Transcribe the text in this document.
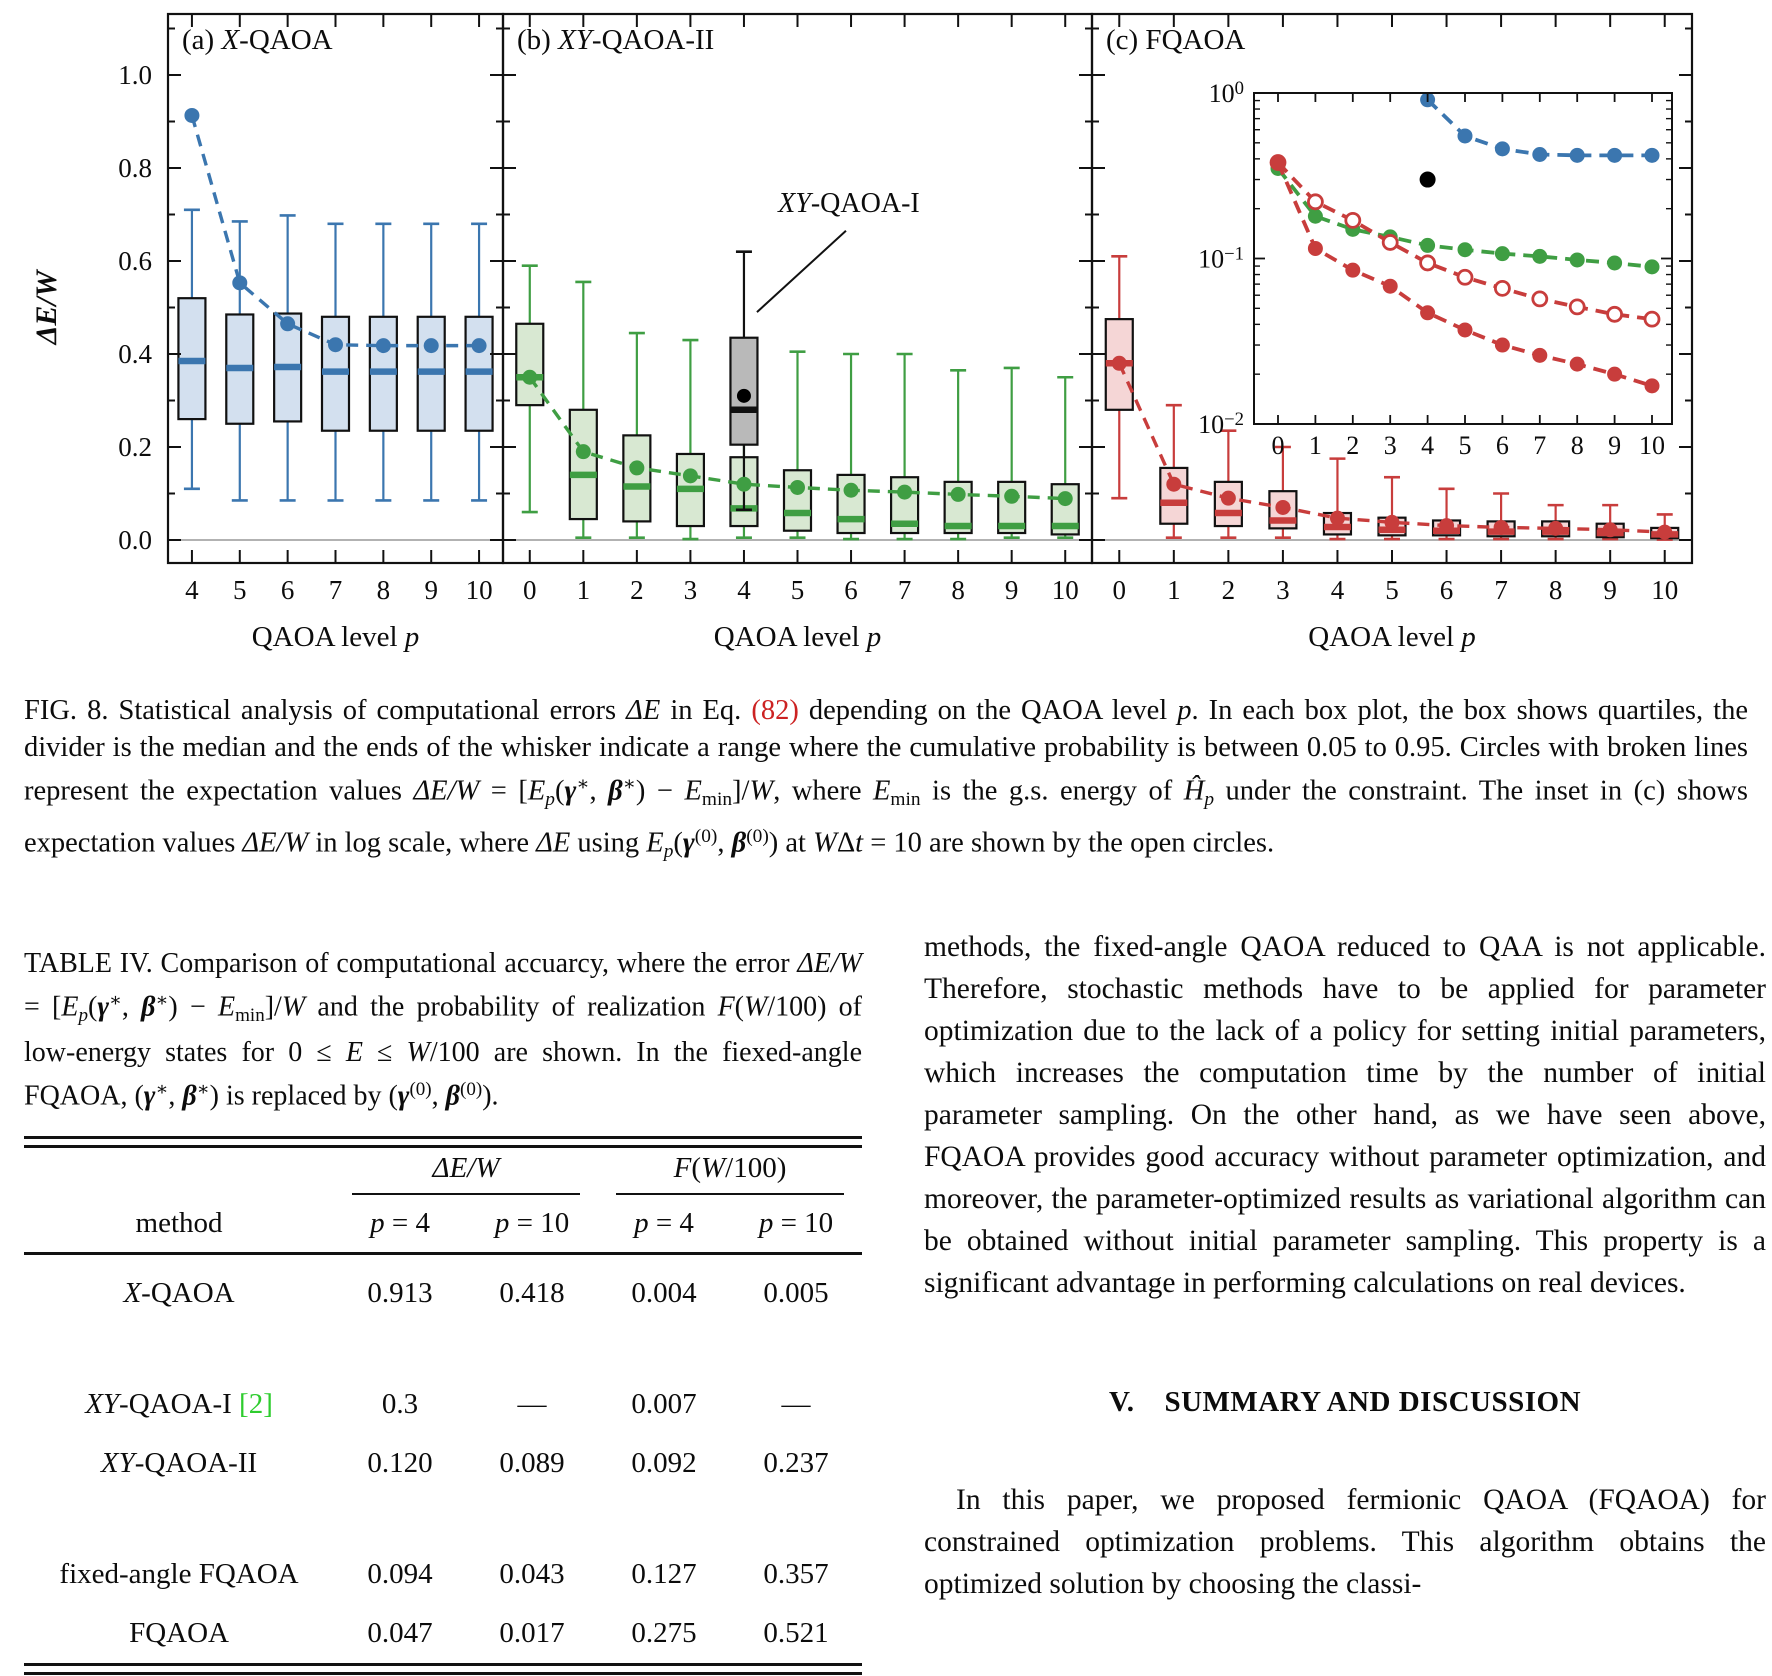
4 5 6 7 8 9 10
QAOA level p
(a) X-QAOA
0.0
0.2
0.4
0.6
0.8
1.0
ΔE/W
XY-QAOA-I
0 1 2 3 4 5 6 7 8 9 10
QAOA level p
(b) XY-QAOA-II
0 1 2 3 4 5 6 7 8 9 10
QAOA level p
(c) FQAOA
0 1 2 3 4 5 6 7 8 9 10
100
10−1
10−2
FIG. 8. Statistical analysis of computational errors ΔE in Eq. (82) depending on the QAOA level p. In each box plot, the box shows quartiles, the divider is the median and the ends of the whisker indicate a range where the cumulative probability is between 0.05 to 0.95. Circles with broken lines represent the expectation values ΔE/W = [Ep(γ∗, β∗) − Emin]/W, where Emin is the g.s. energy of Ĥp under the constraint. The inset in (c) shows expectation values ΔE/W in log scale, where ΔE using $Ep(\gamma^{(0)}$, $\beta^{(0)}$) at WΔt = 10 are shown by the open circles.
TABLE IV. Comparison of computational accuarcy, where the error ΔE/W = [Ep(γ∗, β∗) − Emin]/W and the probability of realization F(W/100) of low-energy states for 0 ≤ E ≤ W/100 are shown. In the fiexed-angle FQAOA, (γ∗, β∗) is replaced by ($\gamma^{(0)}$, $\beta^{(0)}$).

	ΔE/W		F(W/100)	

method	p = 4	p = 10	p = 4	p = 10
X-QAOA	0.913	0.418	0.004	0.005

XY-QAOA-I [2]	0.3	—	0.007	—
XY-QAOA-II	0.120	0.089	0.092	0.237

fixed-angle FQAOA	0.094	0.043	0.127	0.357
FQAOA	0.047	0.017	0.275	0.521

methods, the fixed-angle QAOA reduced to QAA is not applicable. Therefore, stochastic methods have to be applied for parameter optimization due to the lack of a policy for setting initial parameters, which increases the computation time by the number of initial parameter sampling. On the other hand, as we have seen above, FQAOA provides good accuracy without parameter optimization, and moreover, the parameter-optimized results as variational algorithm can be obtained without initial parameter sampling. This property is a significant advantage in performing calculations on real devices.

V. SUMMARY AND DISCUSSION

In this paper, we proposed fermionic QAOA (FQAOA) for constrained optimization problems. This algorithm obtains the optimized solution by choosing the classi-
